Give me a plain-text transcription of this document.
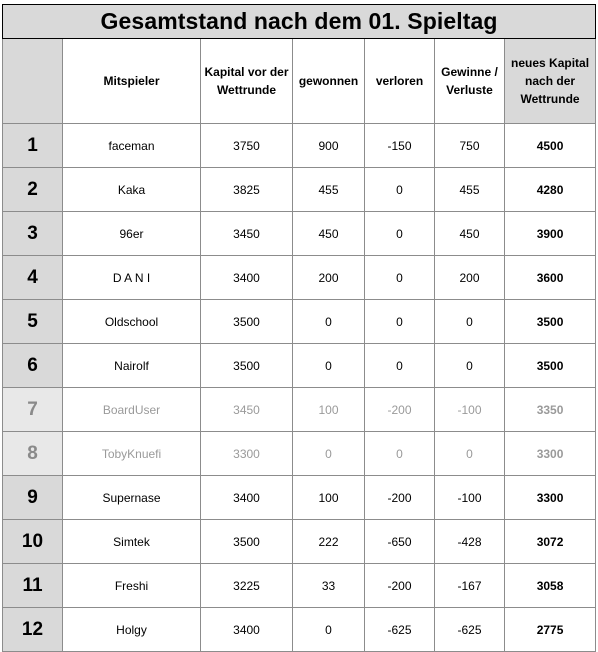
Gesamtstand nach dem 01. Spieltag						
	Mitspieler	Kapital vor der Wettrunde	gewonnen	verloren	Gewinne / Verluste	neues Kapital nach der Wettrunde
1	faceman	3750	900	-150	750	4500
2	Kaka	3825	455	0	455	4280
3	96er	3450	450	0	450	3900
4	D A N I	3400	200	0	200	3600
5	Oldschool	3500	0	0	0	3500
6	Nairolf	3500	0	0	0	3500
7	BoardUser	3450	100	-200	-100	3350
8	TobyKnuefi	3300	0	0	0	3300
9	Supernase	3400	100	-200	-100	3300
10	Simtek	3500	222	-650	-428	3072
11	Freshi	3225	33	-200	-167	3058
12	Holgy	3400	0	-625	-625	2775
